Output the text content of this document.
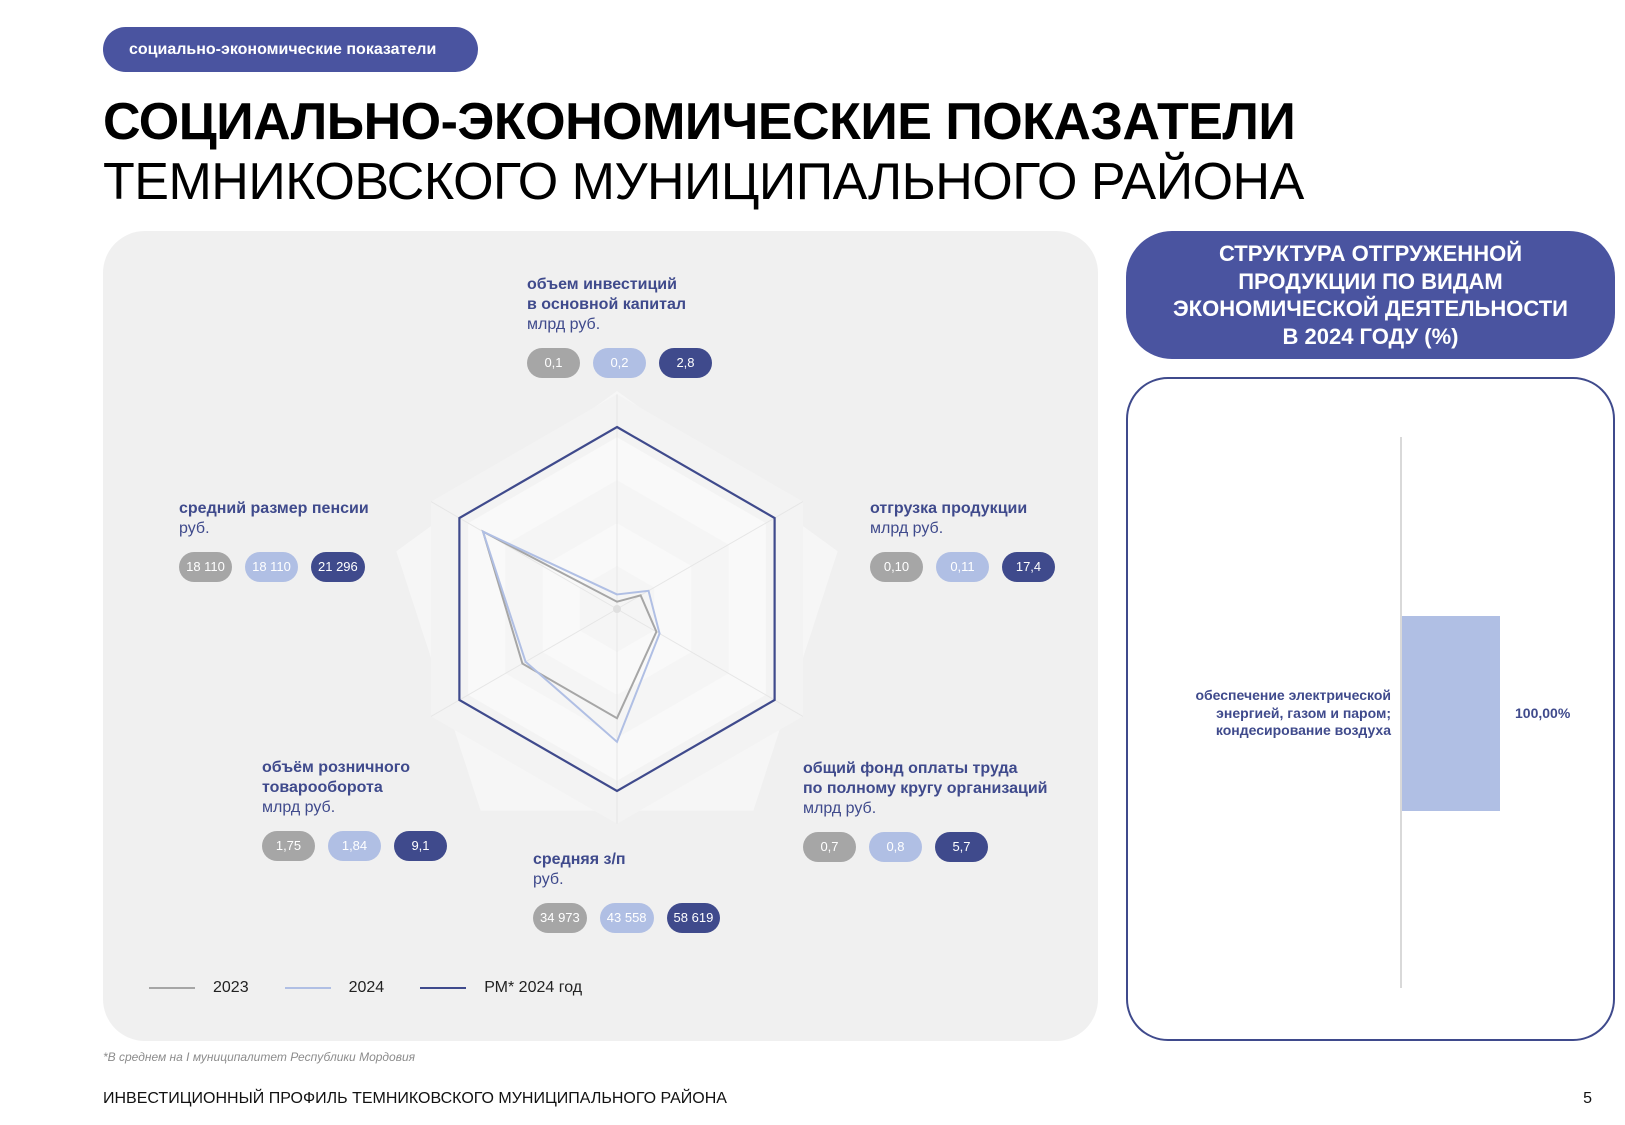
социально-экономические показатели
СОЦИАЛЬНО-ЭКОНОМИЧЕСКИЕ ПОКАЗАТЕЛИ
ТЕМНИКОВСКОГО МУНИЦИПАЛЬНОГО РАЙОНА
объем инвестиций
в основной капитал
млрд руб.
0,1	0,2	2,8
отгрузка продукции
млрд руб.
0,10	0,11	17,4
общий фонд оплаты труда
по полному кругу организаций
млрд руб.
0,7	0,8	5,7
средняя з/п
руб.
34 973	43 558	58 619
объём розничного
товарооборота
млрд руб.
1,75	1,84	9,1
средний размер пенсии
руб.
18 110	18 110	21 296
2023	2024	РМ* 2024 год
СТРУКТУРА ОТГРУЖЕННОЙ
ПРОДУКЦИИ ПО ВИДАМ
ЭКОНОМИЧЕСКОЙ ДЕЯТЕЛЬНОСТИ
В 2024 ГОДУ (%)
обеспечение электрической
энергией, газом и паром;
кондесирование воздуха
100,00%
*В среднем на I муниципалитет Республики Мордовия
ИНВЕСТИЦИОННЫЙ ПРОФИЛЬ ТЕМНИКОВСКОГО МУНИЦИПАЛЬНОГО РАЙОНА	5
